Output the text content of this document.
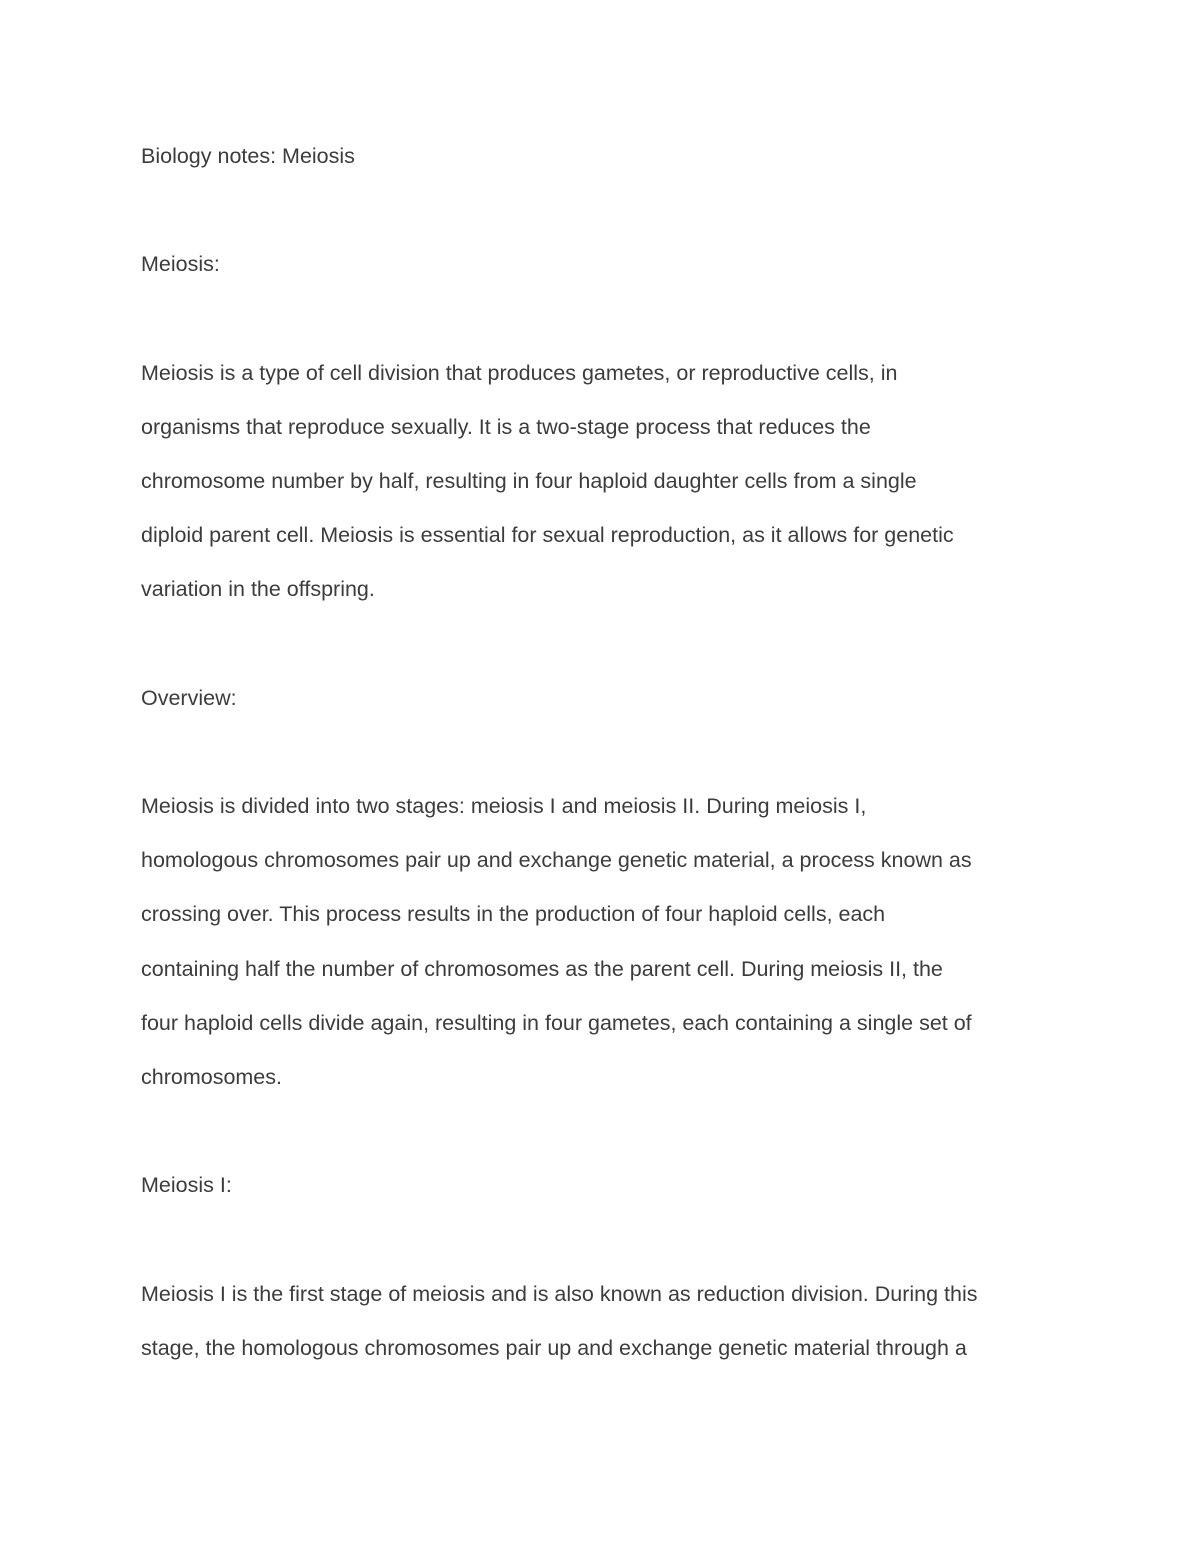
Biology notes: Meiosis

Meiosis:

Meiosis is a type of cell division that produces gametes, or reproductive cells, in

organisms that reproduce sexually. It is a two-stage process that reduces the

chromosome number by half, resulting in four haploid daughter cells from a single

diploid parent cell. Meiosis is essential for sexual reproduction, as it allows for genetic

variation in the offspring.

Overview:

Meiosis is divided into two stages: meiosis I and meiosis II. During meiosis I,

homologous chromosomes pair up and exchange genetic material, a process known as

crossing over. This process results in the production of four haploid cells, each

containing half the number of chromosomes as the parent cell. During meiosis II, the

four haploid cells divide again, resulting in four gametes, each containing a single set of

chromosomes.

Meiosis I:

Meiosis I is the first stage of meiosis and is also known as reduction division. During this

stage, the homologous chromosomes pair up and exchange genetic material through a
